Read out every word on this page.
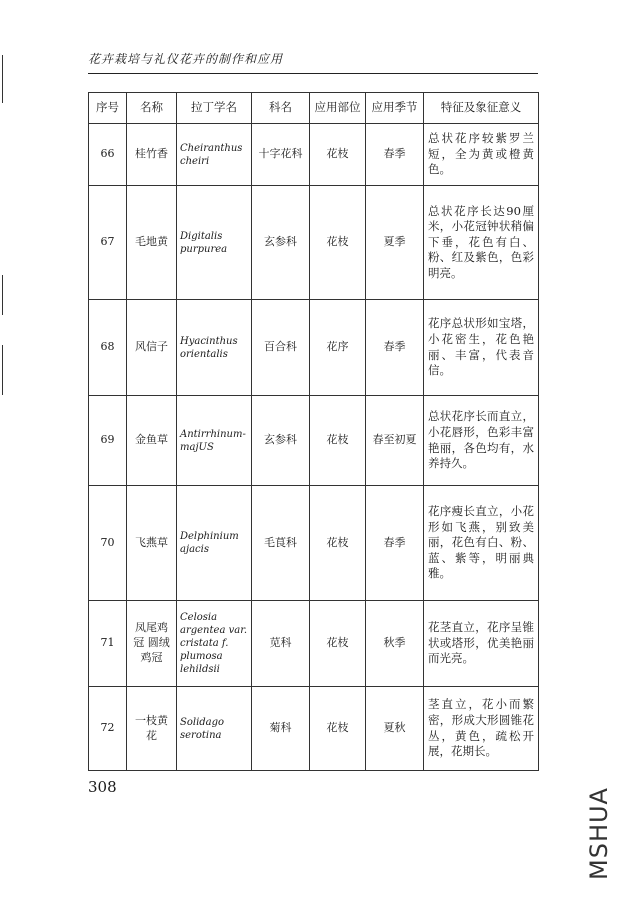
花卉栽培与礼仪花卉的制作和应用
序号	名称	拉丁学名	科名	应用部位	应用季节	特征及象征意义
66	桂竹香	Cheiranthus cheiri	十字花科	花枝	春季	总状花序较紫罗兰短，全为黄或橙黄色。
67	毛地黄	Digitalis purpurea	玄参科	花枝	夏季	总状花序长达90厘米，小花冠钟状稍偏下垂，花色有白、粉、红及紫色，色彩明亮。
68	风信子	Hyacinthus orientalis	百合科	花序	春季	花序总状形如宝塔，小花密生，花色艳丽、丰富，代表音信。
69	金鱼草	Antirrhinum-majUS	玄参科	花枝	春至初夏	总状花序长而直立，小花唇形，色彩丰富艳丽，各色均有，水养持久。
70	飞燕草	Delphinium ajacis	毛茛科	花枝	春季	花序瘦长直立，小花形如飞燕，别致美丽，花色有白、粉、蓝、紫等，明丽典雅。
71	凤尾鸡冠 圆绒鸡冠	Celosia argentea var. cristata f. plumosa lehildsii	苋科	花枝	秋季	花茎直立，花序呈锥状或塔形，优美艳丽而光亮。
72	一枝黄花	Solidago serotina	菊科	花枝	夏秋	茎直立，花小而繁密，形成大形圆锥花丛，黄色，疏松开展，花期长。
308
MSHUA
